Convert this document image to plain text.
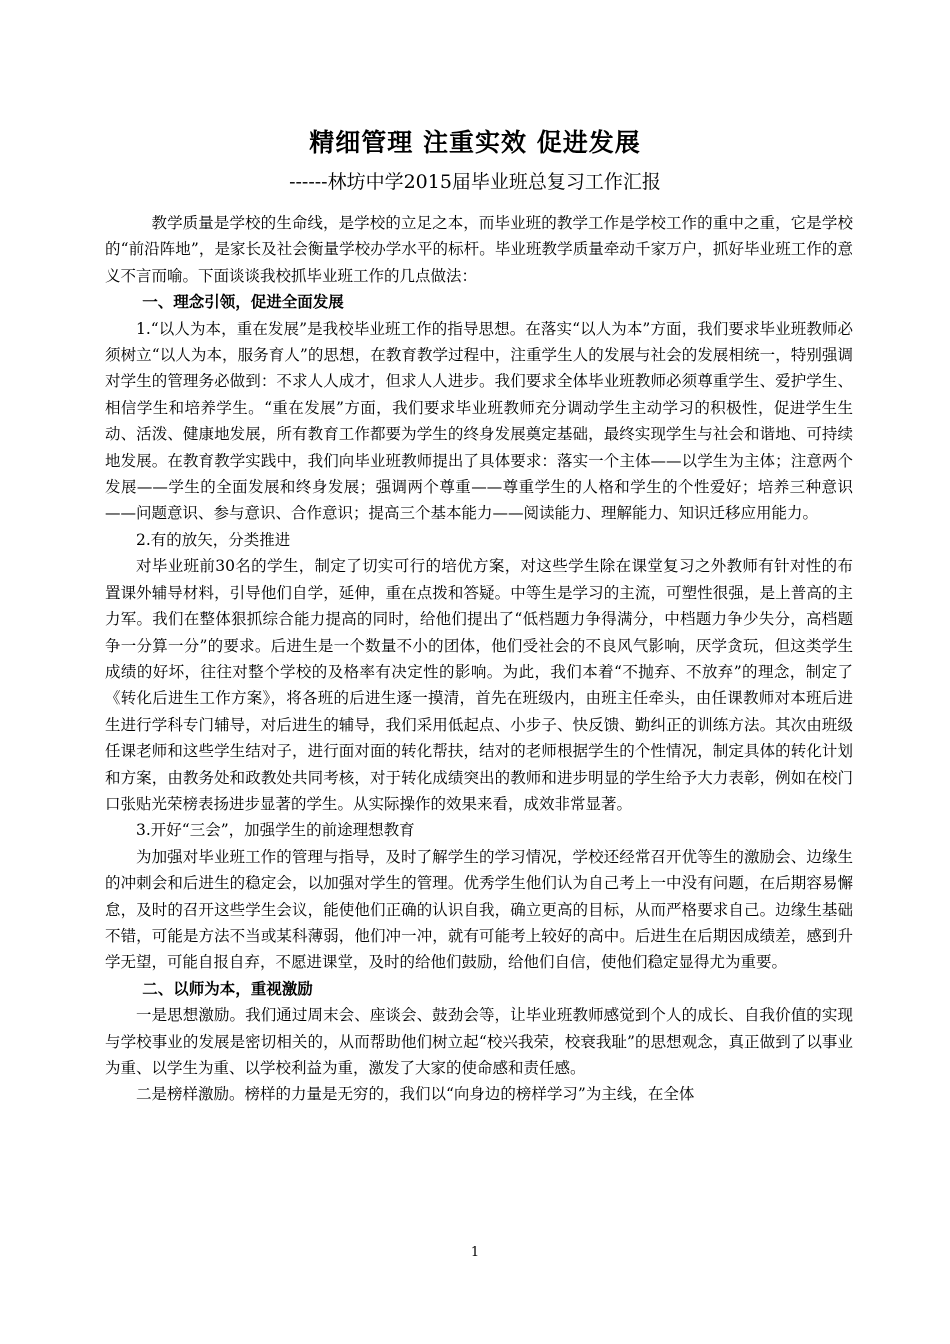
精细管理 注重实效 促进发展
------林坊中学2015届毕业班总复习工作汇报

教学质量是学校的生命线，是学校的立足之本，而毕业班的教学工作是学校工作的重中之重，它是学校的“前沿阵地”，是家长及社会衡量学校办学水平的标杆。毕业班教学质量牵动千家万户，抓好毕业班工作的意义不言而喻。下面谈谈我校抓毕业班工作的几点做法：

一、理念引领，促进全面发展

1.“以人为本，重在发展”是我校毕业班工作的指导思想。在落实“以人为本”方面，我们要求毕业班教师必须树立“以人为本，服务育人”的思想，在教育教学过程中，注重学生人的发展与社会的发展相统一，特别强调对学生的管理务必做到：不求人人成才，但求人人进步。我们要求全体毕业班教师必须尊重学生、爱护学生、相信学生和培养学生。“重在发展”方面，我们要求毕业班教师充分调动学生主动学习的积极性，促进学生生动、活泼、健康地发展，所有教育工作都要为学生的终身发展奠定基础，最终实现学生与社会和谐地、可持续地发展。在教育教学实践中，我们向毕业班教师提出了具体要求：落实一个主体——以学生为主体；注意两个发展——学生的全面发展和终身发展；强调两个尊重——尊重学生的人格和学生的个性爱好；培养三种意识——问题意识、参与意识、合作意识；提高三个基本能力——阅读能力、理解能力、知识迁移应用能力。

2.有的放矢，分类推进

对毕业班前30名的学生，制定了切实可行的培优方案，对这些学生除在课堂复习之外教师有针对性的布置课外辅导材料，引导他们自学，延伸，重在点拨和答疑。中等生是学习的主流，可塑性很强，是上普高的主力军。我们在整体狠抓综合能力提高的同时，给他们提出了“低档题力争得满分，中档题力争少失分，高档题争一分算一分”的要求。后进生是一个数量不小的团体，他们受社会的不良风气影响，厌学贪玩，但这类学生成绩的好坏，往往对整个学校的及格率有决定性的影响。为此，我们本着“不抛弃、不放弃”的理念，制定了《转化后进生工作方案》，将各班的后进生逐一摸清，首先在班级内，由班主任牵头，由任课教师对本班后进生进行学科专门辅导，对后进生的辅导，我们采用低起点、小步子、快反馈、勤纠正的训练方法。其次由班级任课老师和这些学生结对子，进行面对面的转化帮扶，结对的老师根据学生的个性情况，制定具体的转化计划和方案，由教务处和政教处共同考核，对于转化成绩突出的教师和进步明显的学生给予大力表彰，例如在校门口张贴光荣榜表扬进步显著的学生。从实际操作的效果来看，成效非常显著。

3.开好“三会”，加强学生的前途理想教育

为加强对毕业班工作的管理与指导，及时了解学生的学习情况，学校还经常召开优等生的激励会、边缘生的冲刺会和后进生的稳定会，以加强对学生的管理。优秀学生他们认为自己考上一中没有问题，在后期容易懈怠，及时的召开这些学生会议，能使他们正确的认识自我，确立更高的目标，从而严格要求自己。边缘生基础不错，可能是方法不当或某科薄弱，他们冲一冲，就有可能考上较好的高中。后进生在后期因成绩差，感到升学无望，可能自报自弃，不愿进课堂，及时的给他们鼓励，给他们自信，使他们稳定显得尤为重要。

二、以师为本，重视激励

一是思想激励。我们通过周末会、座谈会、鼓劲会等，让毕业班教师感觉到个人的成长、自我价值的实现与学校事业的发展是密切相关的，从而帮助他们树立起“校兴我荣，校衰我耻”的思想观念，真正做到了以事业为重、以学生为重、以学校利益为重，激发了大家的使命感和责任感。

二是榜样激励。榜样的力量是无穷的，我们以“向身边的榜样学习”为主线，在全体

1
